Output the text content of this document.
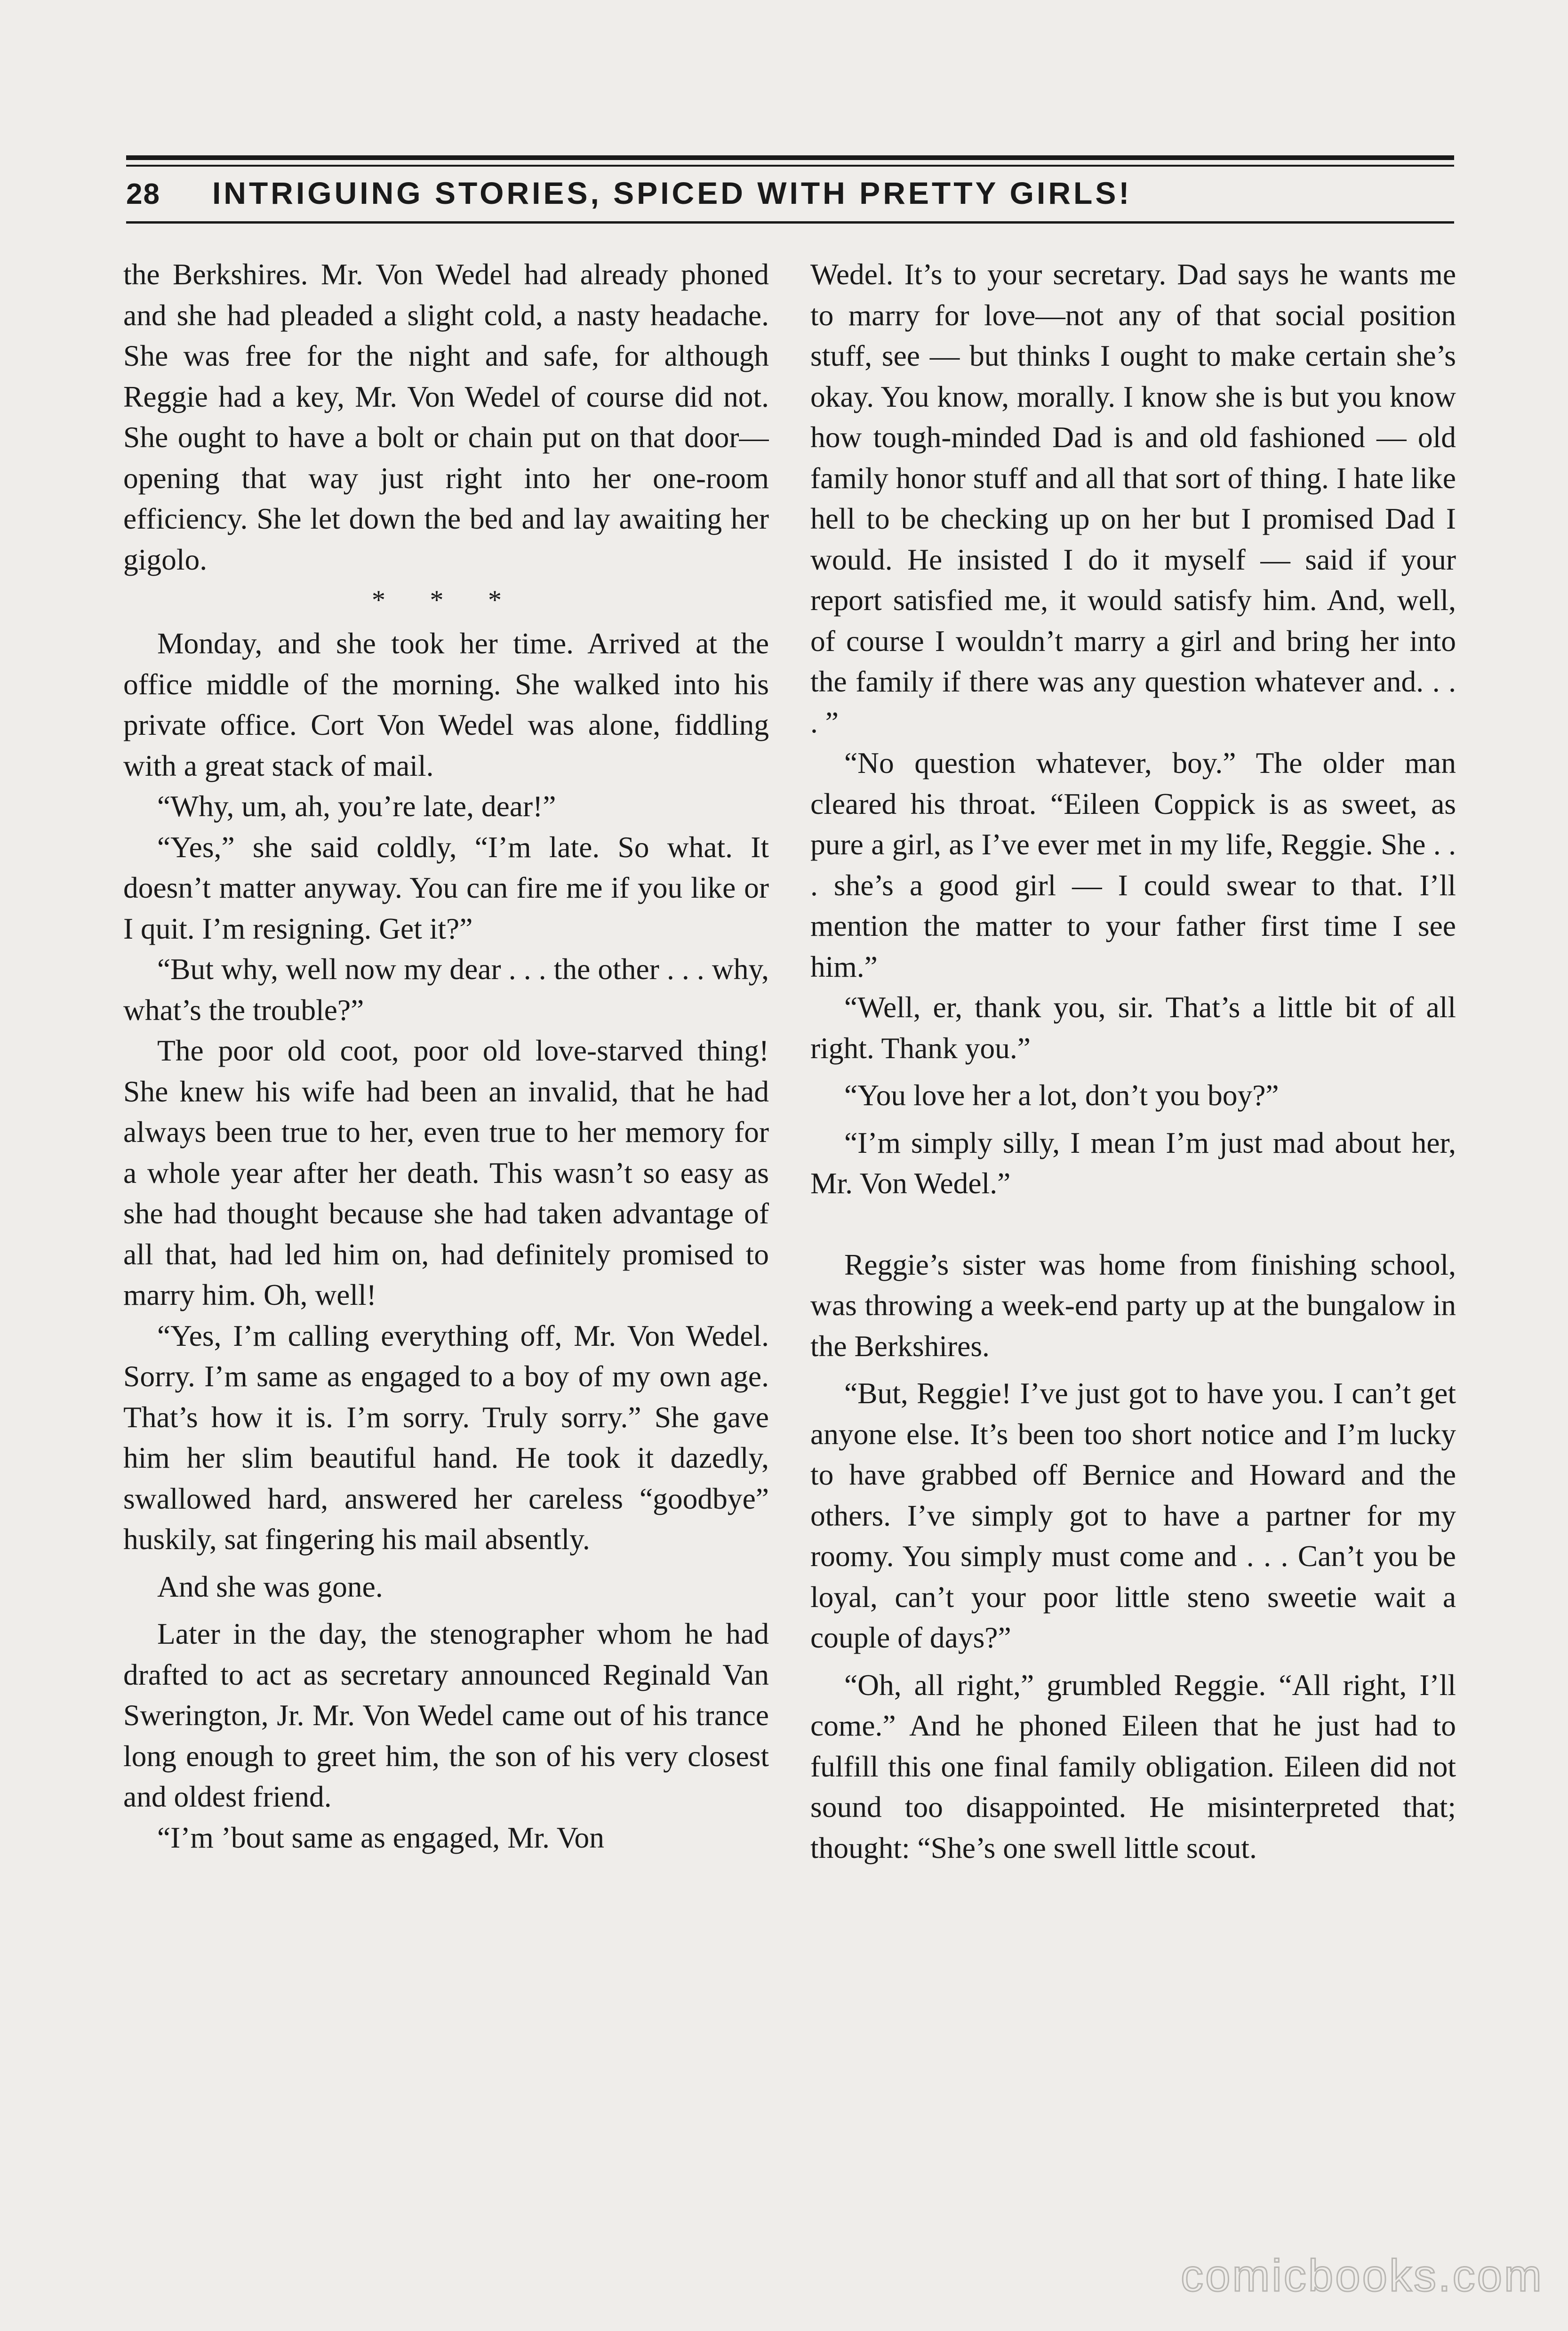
28 INTRIGUING STORIES, SPICED WITH PRETTY GIRLS!

the Berkshires. Mr. Von Wedel had already phoned and she had pleaded a slight cold, a nasty headache. She was free for the night and safe, for although Reggie had a key, Mr. Von Wedel of course did not. She ought to have a bolt or chain put on that door—opening that way just right into her one-room efficiency. She let down the bed and lay awaiting her gigolo.

* * *

Monday, and she took her time. Arrived at the office middle of the morning. She walked into his private office. Cort Von Wedel was alone, fiddling with a great stack of mail.

“Why, um, ah, you’re late, dear!”

“Yes,” she said coldly, “I’m late. So what. It doesn’t matter anyway. You can fire me if you like or I quit. I’m resigning. Get it?”

“But why, well now my dear . . . the other . . . why, what’s the trouble?”

The poor old coot, poor old love-starved thing! She knew his wife had been an invalid, that he had always been true to her, even true to her memory for a whole year after her death. This wasn’t so easy as she had thought because she had taken advantage of all that, had led him on, had definitely promised to marry him. Oh, well!

“Yes, I’m calling everything off, Mr. Von Wedel. Sorry. I’m same as engaged to a boy of my own age. That’s how it is. I’m sorry. Truly sorry.” She gave him her slim beautiful hand. He took it dazedly, swallowed hard, answered her careless “goodbye” huskily, sat fingering his mail absently.

And she was gone.

Later in the day, the stenographer whom he had drafted to act as secretary announced Reginald Van Swerington, Jr. Mr. Von Wedel came out of his trance long enough to greet him, the son of his very closest and oldest friend.

“I’m ’bout same as engaged, Mr. Von

Wedel. It’s to your secretary. Dad says he wants me to marry for love—not any of that social position stuff, see — but thinks I ought to make certain she’s okay. You know, morally. I know she is but you know how tough-minded Dad is and old fashioned — old family honor stuff and all that sort of thing. I hate like hell to be checking up on her but I promised Dad I would. He insisted I do it myself — said if your report satisfied me, it would satisfy him. And, well, of course I wouldn’t marry a girl and bring her into the family if there was any question whatever and. . . . ”

“No question whatever, boy.” The older man cleared his throat. “Eileen Coppick is as sweet, as pure a girl, as I’ve ever met in my life, Reggie. She . . . she’s a good girl — I could swear to that. I’ll mention the matter to your father first time I see him.”

“Well, er, thank you, sir. That’s a little bit of all right. Thank you.”

“You love her a lot, don’t you boy?”

“I’m simply silly, I mean I’m just mad about her, Mr. Von Wedel.”

Reggie’s sister was home from finishing school, was throwing a week-end party up at the bungalow in the Berkshires.

“But, Reggie! I’ve just got to have you. I can’t get anyone else. It’s been too short notice and I’m lucky to have grabbed off Bernice and Howard and the others. I’ve simply got to have a partner for my roomy. You simply must come and . . . Can’t you be loyal, can’t your poor little steno sweetie wait a couple of days?”

“Oh, all right,” grumbled Reggie. “All right, I’ll come.” And he phoned Eileen that he just had to fulfill this one final family obligation. Eileen did not sound too disappointed. He misinterpreted that; thought: “She’s one swell little scout.

comicbooks.com
